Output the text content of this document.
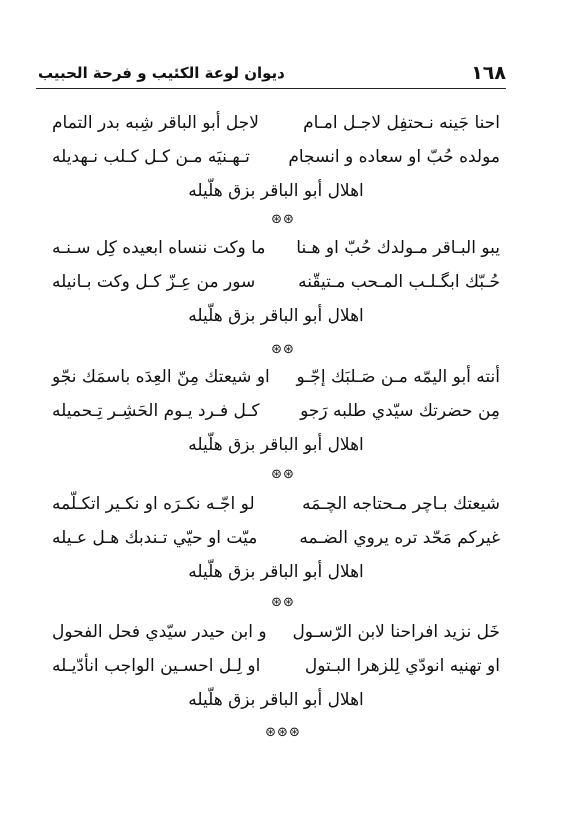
١٦٨
ديوان لوعة الكئيب و فرحة الحبيب
احنا جَينه نـحتفِل لاجـل امـام
لاجل أبو الباقر شِبه بدر التمام
مولده حُبّ او سعاده و انسجام
تـهـنيَه مـن كـل كـلب نـهديله
اهلال أبو الباقر بزق هلّيله
⊛⊛
يبو البـاقر مـولدك حُبّ او هـنا
ما وكت ننساه ابعيده كِل سـنـه
حُـبّك ابگـلـب المـحب مـتيقّنه
سور من عِـزّ كـل وكت بـانيله
اهلال أبو الباقر بزق هلّيله
⊛⊛
أنته أبو اليمّه مـن صَـلبَك إجّـو
او شيعتك مِنّ العِدَه باسمَك نجّو
مِن حضرتك سيّدي طلبه رَجو
كـل فـرد يـوم الحَشِـر تِـحميله
اهلال أبو الباقر بزق هلّيله
⊛⊛
شيعتك بـاچر مـحتاجه الچـمَه
لو اجّـه نكـرَه او نكـير اتكـلّمه
غيركم مَحّد تره يروي الضـمه
ميّت او حيّي تـندبك هـل عـيله
اهلال أبو الباقر بزق هلّيله
⊛⊛
خَل نزيد افراحنا لابن الرّسـول
و ابن حيدر سيّدي فحل الفحول
او تهنيه انودّي لِلزهرا البـتول
او لِـل احسـين الواجب انأدّيـله
اهلال أبو الباقر بزق هلّيله
⊛⊛⊛
